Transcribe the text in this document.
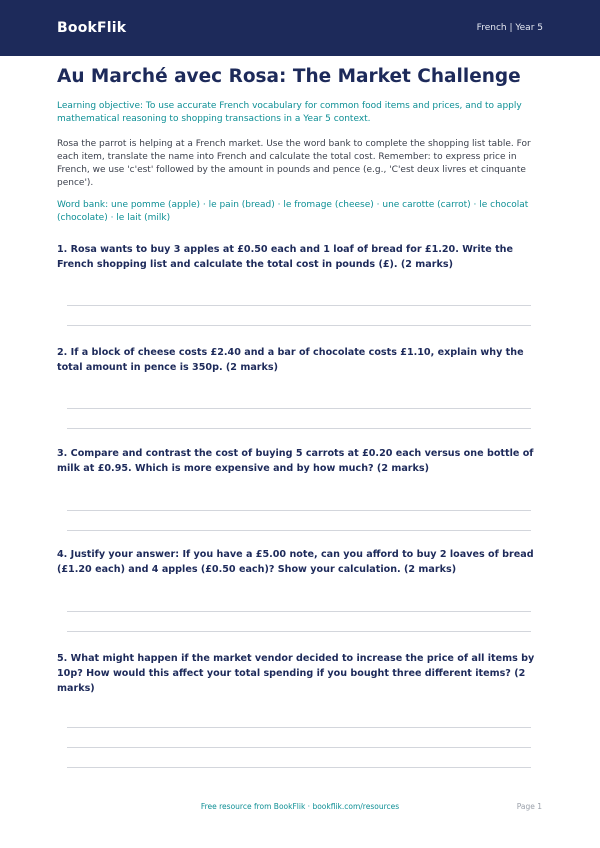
BookFlik	French | Year 5
Au Marché avec Rosa: The Market Challenge

Learning objective: To use accurate French vocabulary for common food items and prices, and to apply mathematical reasoning to shopping transactions in a Year 5 context.

Rosa the parrot is helping at a French market. Use the word bank to complete the shopping list table. For each item, translate the name into French and calculate the total cost. Remember: to express price in French, we use 'c'est' followed by the amount in pounds and pence (e.g., 'C'est deux livres et cinquante pence').

Word bank: une pomme (apple) · le pain (bread) · le fromage (cheese) · une carotte (carrot) · le chocolat (chocolate) · le lait (milk)

1. Rosa wants to buy 3 apples at £0.50 each and 1 loaf of bread for £1.20. Write the French shopping list and calculate the total cost in pounds (£). (2 marks)

2. If a block of cheese costs £2.40 and a bar of chocolate costs £1.10, explain why the total amount in pence is 350p. (2 marks)

3. Compare and contrast the cost of buying 5 carrots at £0.20 each versus one bottle of milk at £0.95. Which is more expensive and by how much? (2 marks)

4. Justify your answer: If you have a £5.00 note, can you afford to buy 2 loaves of bread (£1.20 each) and 4 apples (£0.50 each)? Show your calculation. (2 marks)

5. What might happen if the market vendor decided to increase the price of all items by 10p? How would this affect your total spending if you bought three different items? (2 marks)

Free resource from BookFlik · bookflik.com/resources	Page 1
